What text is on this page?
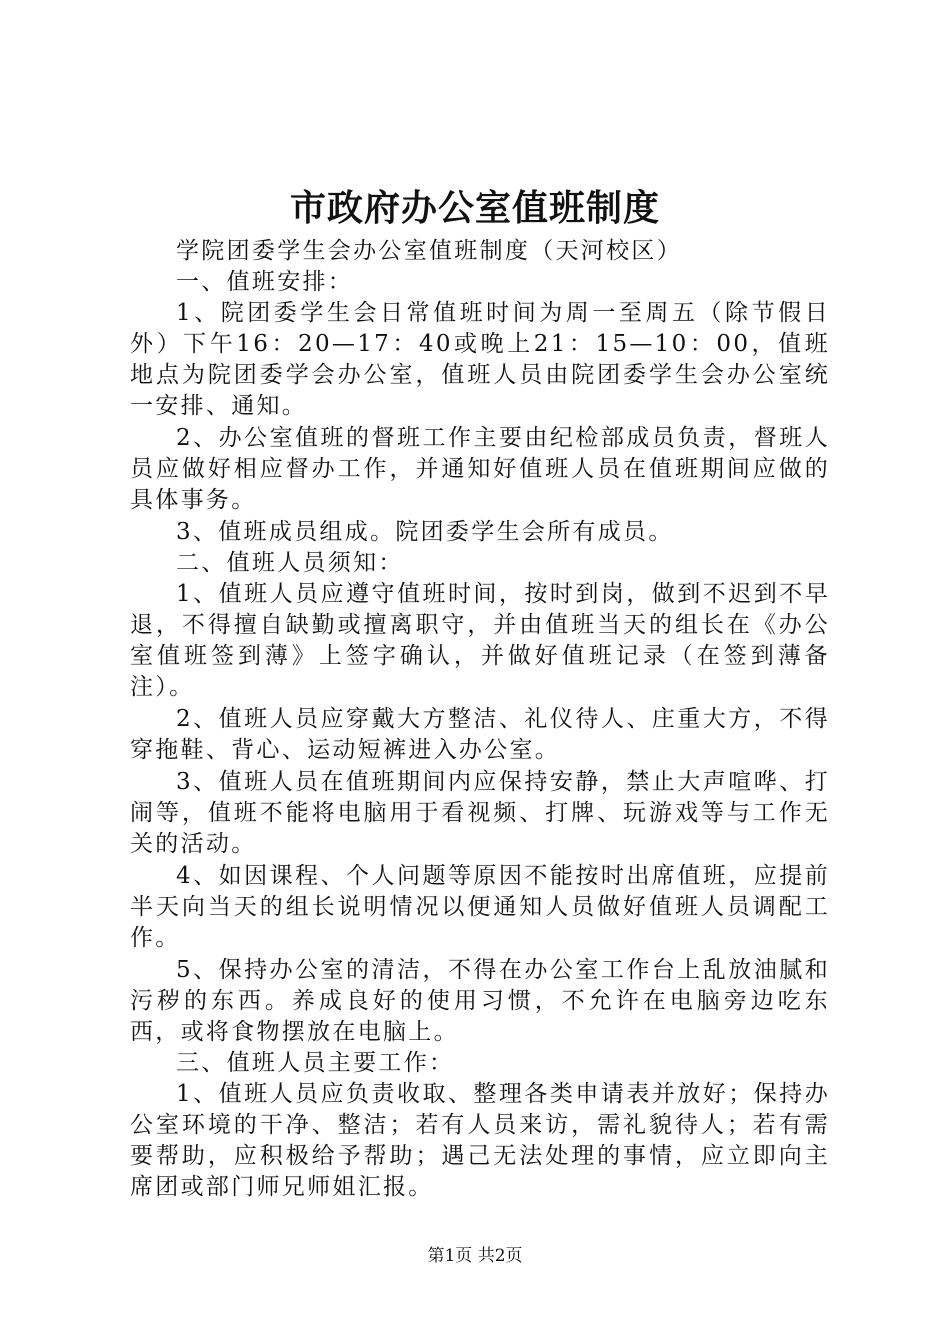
市政府办公室值班制度

学院团委学生会办公室值班制度（天河校区）

一、值班安排：

1、院团委学生会日常值班时间为周一至周五（除节假日外）下午16：20—17：40或晚上21：15—10：00，值班地点为院团委学会办公室，值班人员由院团委学生会办公室统一安排、通知。

2、办公室值班的督班工作主要由纪检部成员负责，督班人员应做好相应督办工作，并通知好值班人员在值班期间应做的具体事务。

3、值班成员组成。院团委学生会所有成员。

二、值班人员须知：

1、值班人员应遵守值班时间，按时到岗，做到不迟到不早退，不得擅自缺勤或擅离职守，并由值班当天的组长在《办公室值班签到薄》上签字确认，并做好值班记录（在签到薄备注）。

2、值班人员应穿戴大方整洁、礼仪待人、庄重大方，不得穿拖鞋、背心、运动短裤进入办公室。

3、值班人员在值班期间内应保持安静，禁止大声喧哗、打闹等，值班不能将电脑用于看视频、打牌、玩游戏等与工作无关的活动。

4、如因课程、个人问题等原因不能按时出席值班，应提前半天向当天的组长说明情况以便通知人员做好值班人员调配工作。

5、保持办公室的清洁，不得在办公室工作台上乱放油腻和污秽的东西。养成良好的使用习惯，不允许在电脑旁边吃东西，或将食物摆放在电脑上。

三、值班人员主要工作：

1、值班人员应负责收取、整理各类申请表并放好；保持办公室环境的干净、整洁；若有人员来访，需礼貌待人；若有需要帮助，应积极给予帮助；遇己无法处理的事情，应立即向主席团或部门师兄师姐汇报。

第1页 共2页
